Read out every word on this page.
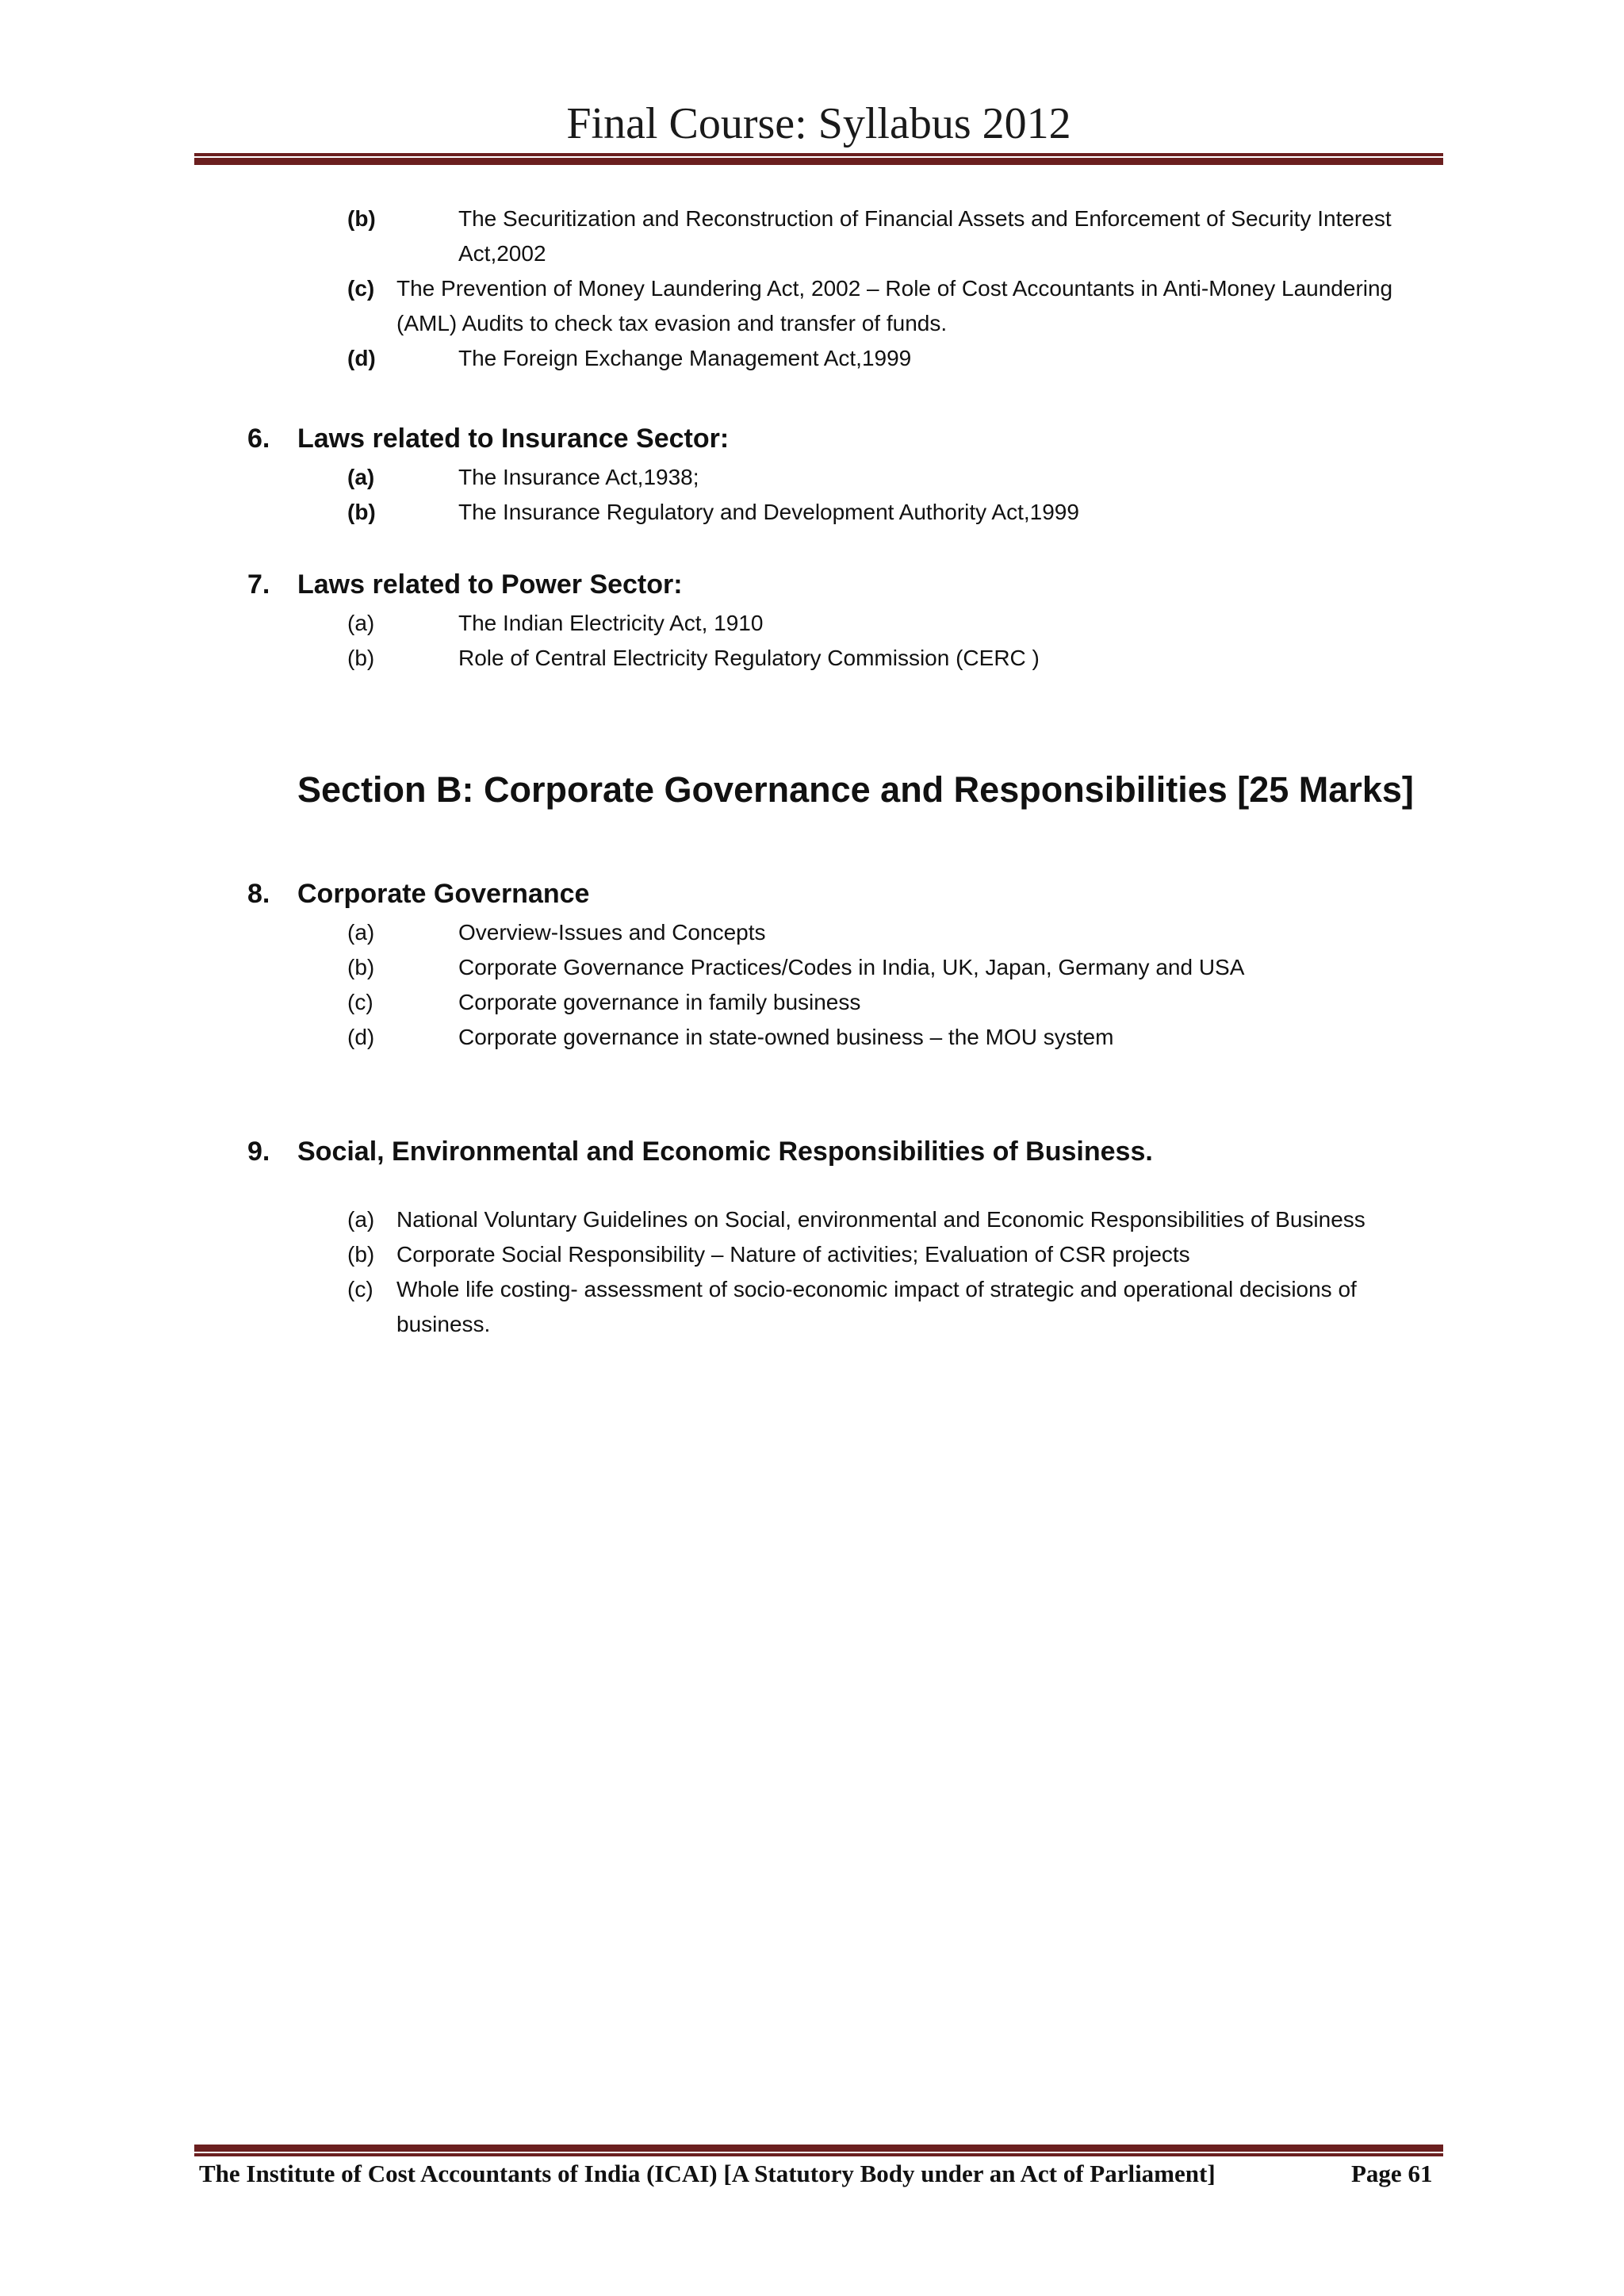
Final Course: Syllabus 2012
(b)	The Securitization and Reconstruction of Financial Assets and Enforcement of Security Interest
Act,2002
(c) The Prevention of Money Laundering Act, 2002 – Role of Cost Accountants in Anti-Money Laundering
(AML) Audits to check tax evasion and transfer of funds.
(d)	The Foreign Exchange Management Act,1999
6. Laws related to Insurance Sector:
(a)	The Insurance Act,1938;
(b)	The Insurance Regulatory and Development Authority Act,1999
7. Laws related to Power Sector:
(a)	The Indian Electricity Act, 1910
(b)	Role of Central Electricity Regulatory Commission (CERC )
Section B: Corporate Governance and Responsibilities [25 Marks]
8. Corporate Governance
(a)	Overview-Issues and Concepts
(b)	Corporate Governance Practices/Codes in India, UK, Japan, Germany and USA
(c)	Corporate governance in family business
(d)	Corporate governance in state-owned business – the MOU system
9. Social, Environmental and Economic Responsibilities of Business.
(a) National Voluntary Guidelines on Social, environmental and Economic Responsibilities of Business
(b) Corporate Social Responsibility – Nature of activities; Evaluation of CSR projects
(c) Whole life costing- assessment of socio-economic impact of strategic and operational decisions of
business.
The Institute of Cost Accountants of India (ICAI) [A Statutory Body under an Act of Parliament]	Page 61
